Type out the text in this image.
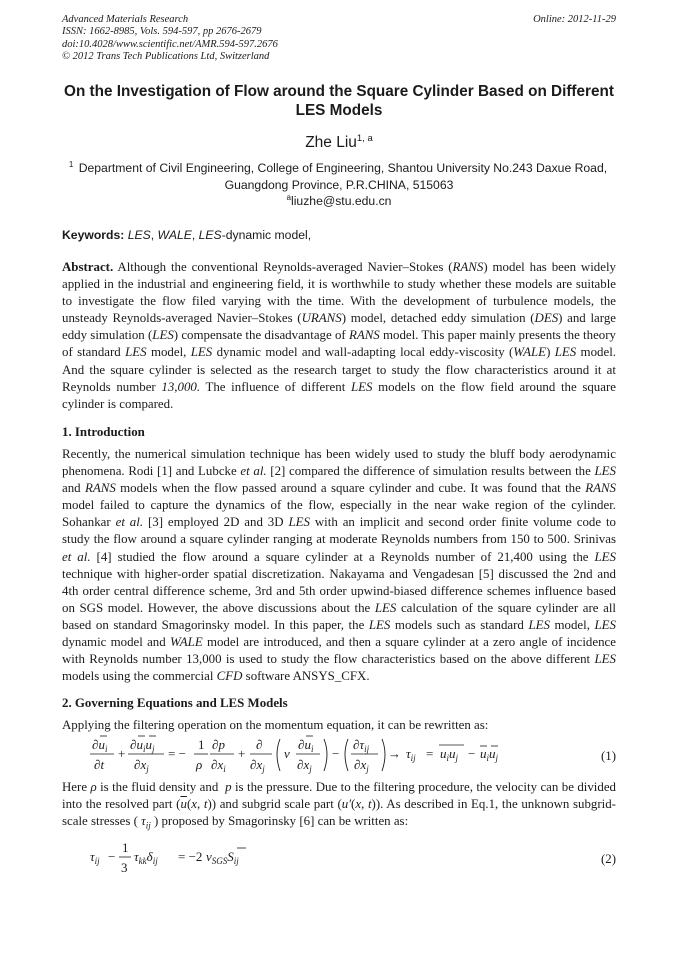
Advanced Materials Research
ISSN: 1662-8985, Vols. 594-597, pp 2676-2679
doi:10.4028/www.scientific.net/AMR.594-597.2676
© 2012 Trans Tech Publications Ltd, Switzerland
Online: 2012-11-29
On the Investigation of Flow around the Square Cylinder Based on Different LES Models
Zhe Liu$^{1, a}$
$^1$ Department of Civil Engineering, College of Engineering, Shantou University No.243 Daxue Road, Guangdong Province, P.R.CHINA, 515063
$^a$liuzhe@stu.edu.cn
Keywords: LES, WALE, LES-dynamic model,
Abstract. Although the conventional Reynolds-averaged Navier–Stokes (RANS) model has been widely applied in the industrial and engineering field, it is worthwhile to study whether these models are suitable to investigate the flow filed varying with the time. With the development of turbulence models, the unsteady Reynolds-averaged Navier–Stokes (URANS) model, detached eddy simulation (DES) and large eddy simulation (LES) compensate the disadvantage of RANS model. This paper mainly presents the theory of standard LES model, LES dynamic model and wall-adapting local eddy-viscosity (WALE) LES model. And the square cylinder is selected as the research target to study the flow characteristics around it at Reynolds number 13,000. The influence of different LES models on the flow field around the square cylinder is compared.
1. Introduction
Recently, the numerical simulation technique has been widely used to study the bluff body aerodynamic phenomena. Rodi [1] and Lubcke et al. [2] compared the difference of simulation results between the LES and RANS models when the flow passed around a square cylinder and cube. It was found that the RANS model failed to capture the dynamics of the flow, especially in the near wake region of the cylinder. Sohankar et al. [3] employed 2D and 3D LES with an implicit and second order finite volume code to study the flow around a square cylinder ranging at moderate Reynolds numbers from 150 to 500. Srinivas et al. [4] studied the flow around a square cylinder at a Reynolds number of 21,400 using the LES technique with higher-order spatial discretization. Nakayama and Vengadesan [5] discussed the 2nd and 4th order central difference scheme, 3rd and 5th order upwind-biased difference schemes influence based on SGS model. However, the above discussions about the LES calculation of the square cylinder are all based on standard Smagorinsky model. In this paper, the LES models such as standard LES model, LES dynamic model and WALE model are introduced, and then a square cylinder at a zero angle of incidence with Reynolds number 13,000 is used to study the flow characteristics based on the above different LES models using the commercial CFD software ANSYS_CFX.
2. Governing Equations and LES Models
Applying the filtering operation on the momentum equation, it can be rewritten as:
$\partial u_i$
∂t
+
$\partial u_iu_j$
$\partial x_j$
= −
1
ρ
∂p
$\partial x_i$
+
∂
$\partial x_j$
v
$\partial u_i$
$\partial x_j$
−
$\partial\tau_{ij}$
$\partial x_j$
→ $\tau_{ij} = u_iu_j - u_iu_j$	(1)
Here ρ is the fluid density and  p is the pressure. Due to the filtering procedure, the velocity can be divided into the resolved part ($\overline{u}(x$, t)) and subgrid scale part (u′(x, t)). As described in Eq.1, the unknown subgrid-scale stresses ( $\tau_{ij}$ ) proposed by Smagorinsky [6] can be written as:
$\tau_{ij}$ −
1
3
$\tau_{kk}\delta_{ij} = -2$ $v_{SGS}S_{ij}$	(2)
